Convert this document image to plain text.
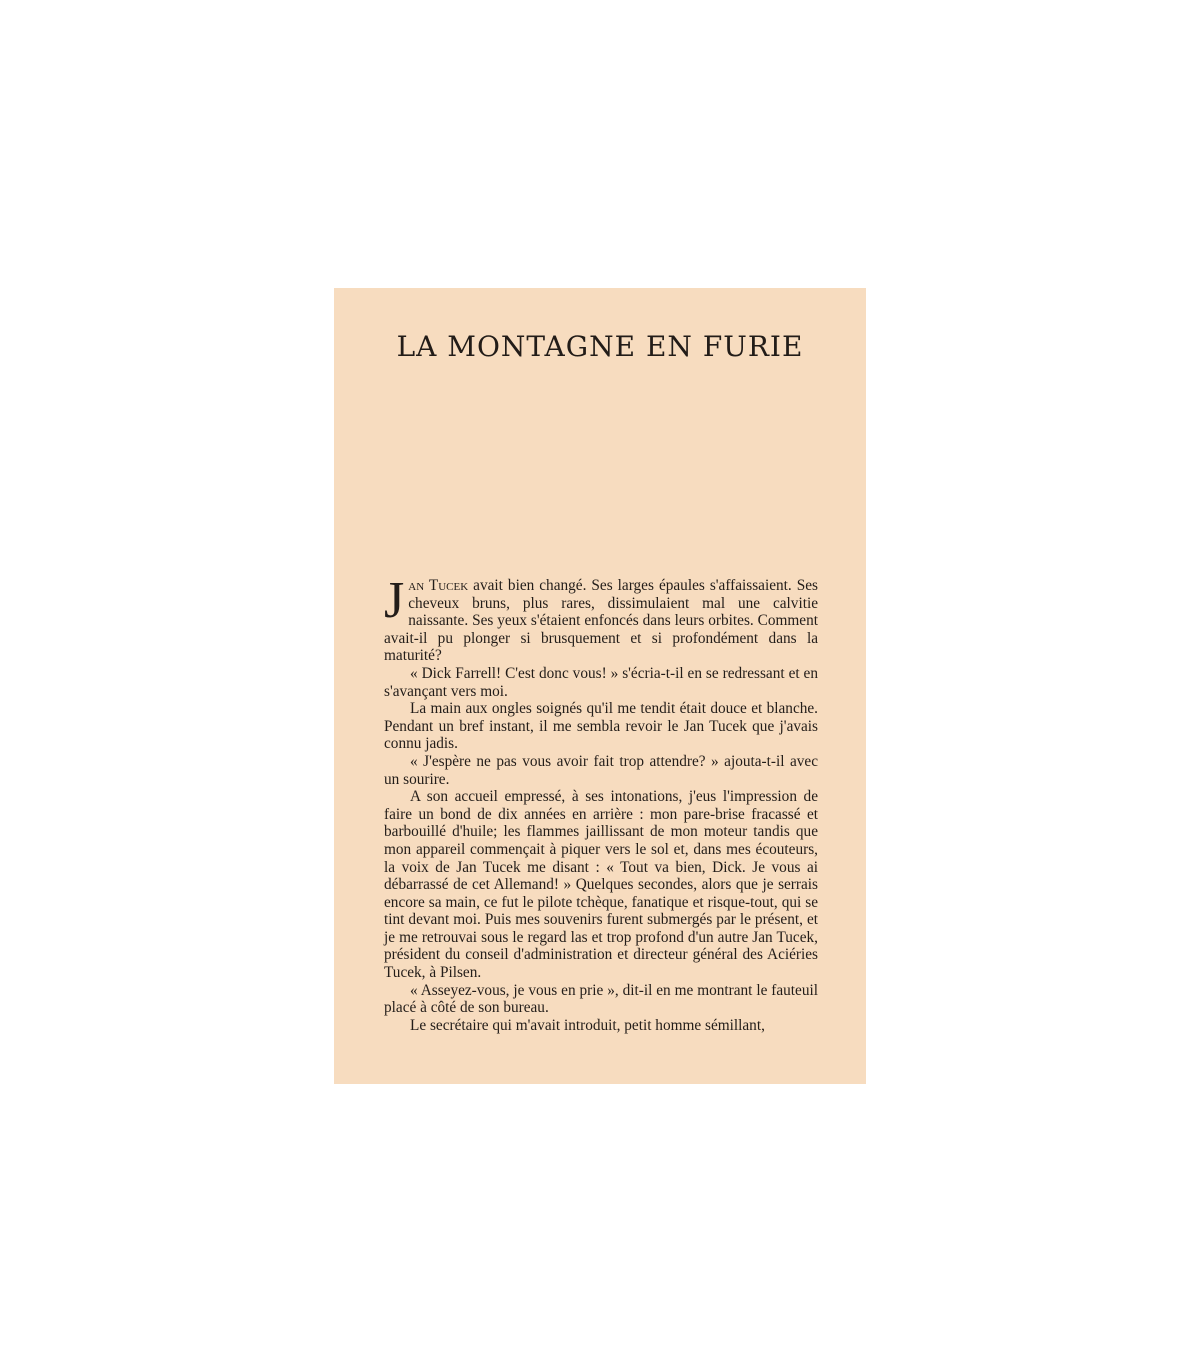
LA MONTAGNE EN FURIE

Jan Tucek avait bien changé. Ses larges épaules s'affaissaient. Ses cheveux bruns, plus rares, dissimulaient mal une calvitie naissante. Ses yeux s'étaient enfoncés dans leurs orbites. Comment avait-il pu plonger si brusquement et si profondément dans la maturité?

« Dick Farrell! C'est donc vous! » s'écria-t-il en se redressant et en s'avançant vers moi.

La main aux ongles soignés qu'il me tendit était douce et blanche. Pendant un bref instant, il me sembla revoir le Jan Tucek que j'avais connu jadis.

« J'espère ne pas vous avoir fait trop attendre? » ajouta-t-il avec un sourire.

A son accueil empressé, à ses intonations, j'eus l'impression de faire un bond de dix années en arrière : mon pare-brise fracassé et barbouillé d'huile; les flammes jaillissant de mon moteur tandis que mon appareil commençait à piquer vers le sol et, dans mes écouteurs, la voix de Jan Tucek me disant : « Tout va bien, Dick. Je vous ai débarrassé de cet Allemand! » Quelques secondes, alors que je serrais encore sa main, ce fut le pilote tchèque, fanatique et risque-tout, qui se tint devant moi. Puis mes souvenirs furent submergés par le présent, et je me retrouvai sous le regard las et trop profond d'un autre Jan Tucek, président du conseil d'administration et directeur général des Aciéries Tucek, à Pilsen.

« Asseyez-vous, je vous en prie », dit-il en me montrant le fauteuil placé à côté de son bureau.

Le secrétaire qui m'avait introduit, petit homme sémillant,
